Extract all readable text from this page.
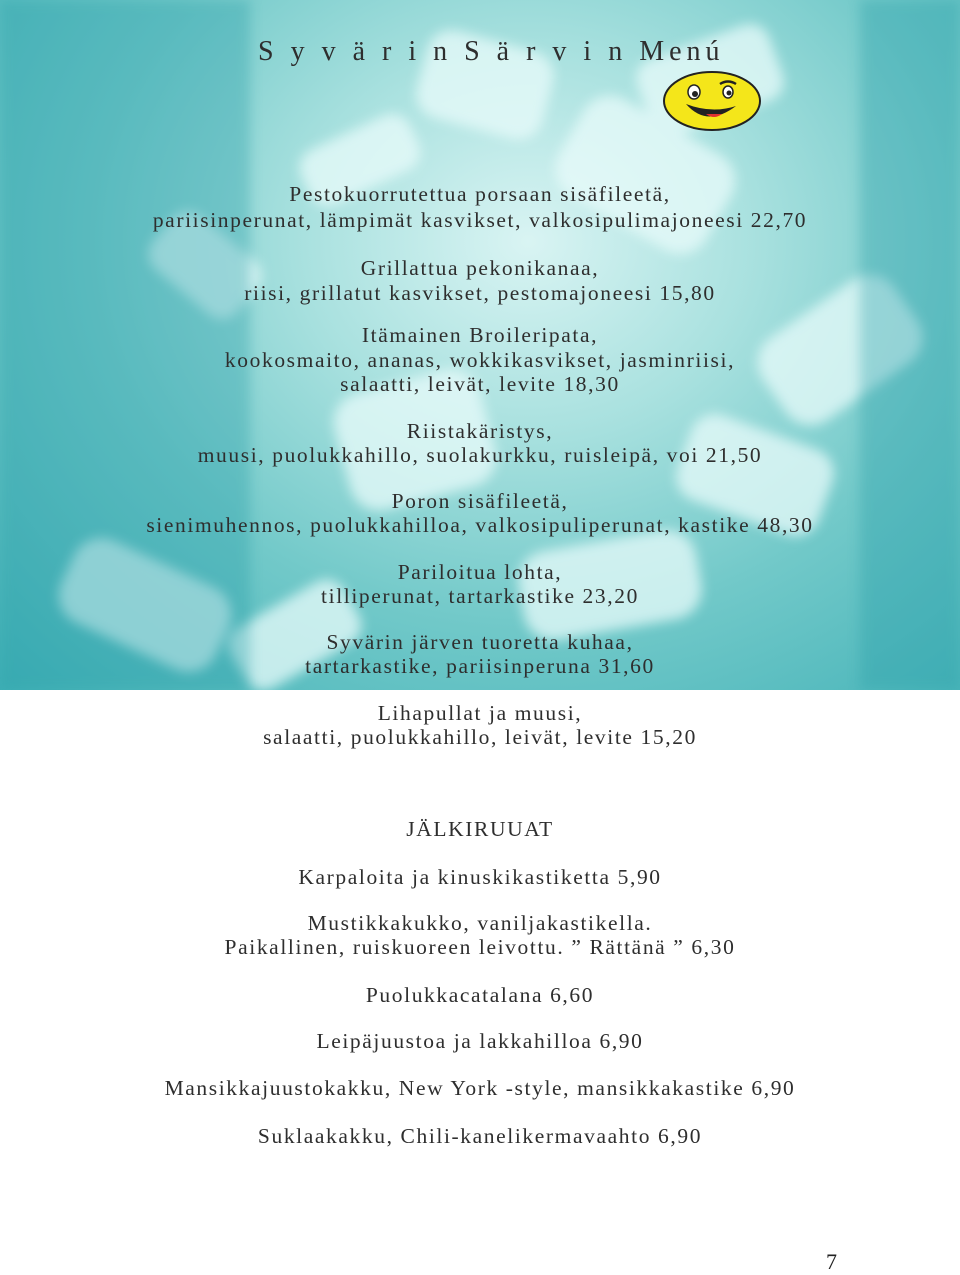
S y v ä r i n S ä r v i n Menú
Pestokuorrutettua porsaan sisäfileetä,
pariisinperunat, lämpimät kasvikset, valkosipulimajoneesi 22,70
Grillattua pekonikanaa,
riisi, grillatut kasvikset, pestomajoneesi 15,80
Itämainen Broileripata,
kookosmaito, ananas, wokkikasvikset, jasminriisi,
salaatti, leivät, levite 18,30
Riistakäristys,
muusi, puolukkahillo, suolakurkku, ruisleipä, voi 21,50
Poron sisäfileetä,
sienimuhennos, puolukkahilloa, valkosipuliperunat, kastike 48,30
Pariloitua lohta,
tilliperunat, tartarkastike 23,20
Syvärin järven tuoretta kuhaa,
tartarkastike, pariisinperuna 31,60
Lihapullat ja muusi,
salaatti, puolukkahillo, leivät, levite 15,20
JÄLKIRUUAT
Karpaloita ja kinuskikastiketta 5,90
Mustikkakukko, vaniljakastikella.
Paikallinen, ruiskuoreen leivottu. ” Rättänä ” 6,30
Puolukkacatalana 6,60
Leipäjuustoa ja lakkahilloa 6,90
Mansikkajuustokakku, New York -style, mansikkakastike 6,90
Suklaakakku, Chili-kanelikermavaahto 6,90
7
